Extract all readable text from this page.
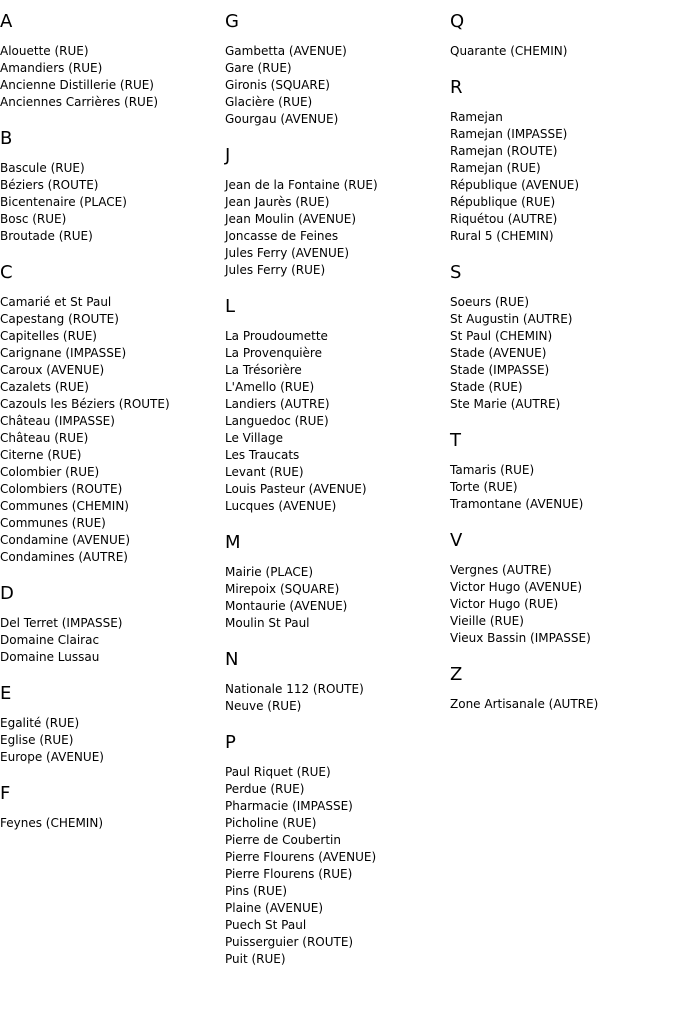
A
Alouette (RUE)
Amandiers (RUE)
Ancienne Distillerie (RUE)
Anciennes Carrières (RUE)
B
Bascule (RUE)
Béziers (ROUTE)
Bicentenaire (PLACE)
Bosc (RUE)
Broutade (RUE)
C
Camarié et St Paul
Capestang (ROUTE)
Capitelles (RUE)
Carignane (IMPASSE)
Caroux (AVENUE)
Cazalets (RUE)
Cazouls les Béziers (ROUTE)
Château (IMPASSE)
Château (RUE)
Citerne (RUE)
Colombier (RUE)
Colombiers (ROUTE)
Communes (CHEMIN)
Communes (RUE)
Condamine (AVENUE)
Condamines (AUTRE)
D
Del Terret (IMPASSE)
Domaine Clairac
Domaine Lussau
E
Egalité (RUE)
Eglise (RUE)
Europe (AVENUE)
F
Feynes (CHEMIN)
G
Gambetta (AVENUE)
Gare (RUE)
Gironis (SQUARE)
Glacière (RUE)
Gourgau (AVENUE)
J
Jean de la Fontaine (RUE)
Jean Jaurès (RUE)
Jean Moulin (AVENUE)
Joncasse de Feines
Jules Ferry (AVENUE)
Jules Ferry (RUE)
L
La Proudoumette
La Provenquière
La Trésorière
L'Amello (RUE)
Landiers (AUTRE)
Languedoc (RUE)
Le Village
Les Traucats
Levant (RUE)
Louis Pasteur (AVENUE)
Lucques (AVENUE)
M
Mairie (PLACE)
Mirepoix (SQUARE)
Montaurie (AVENUE)
Moulin St Paul
N
Nationale 112 (ROUTE)
Neuve (RUE)
P
Paul Riquet (RUE)
Perdue (RUE)
Pharmacie (IMPASSE)
Picholine (RUE)
Pierre de Coubertin
Pierre Flourens (AVENUE)
Pierre Flourens (RUE)
Pins (RUE)
Plaine (AVENUE)
Puech St Paul
Puisserguier (ROUTE)
Puit (RUE)
Q
Quarante (CHEMIN)
R
Ramejan
Ramejan (IMPASSE)
Ramejan (ROUTE)
Ramejan (RUE)
République (AVENUE)
République (RUE)
Riquétou (AUTRE)
Rural 5 (CHEMIN)
S
Soeurs (RUE)
St Augustin (AUTRE)
St Paul (CHEMIN)
Stade (AVENUE)
Stade (IMPASSE)
Stade (RUE)
Ste Marie (AUTRE)
T
Tamaris (RUE)
Torte (RUE)
Tramontane (AVENUE)
V
Vergnes (AUTRE)
Victor Hugo (AVENUE)
Victor Hugo (RUE)
Vieille (RUE)
Vieux Bassin (IMPASSE)
Z
Zone Artisanale (AUTRE)
